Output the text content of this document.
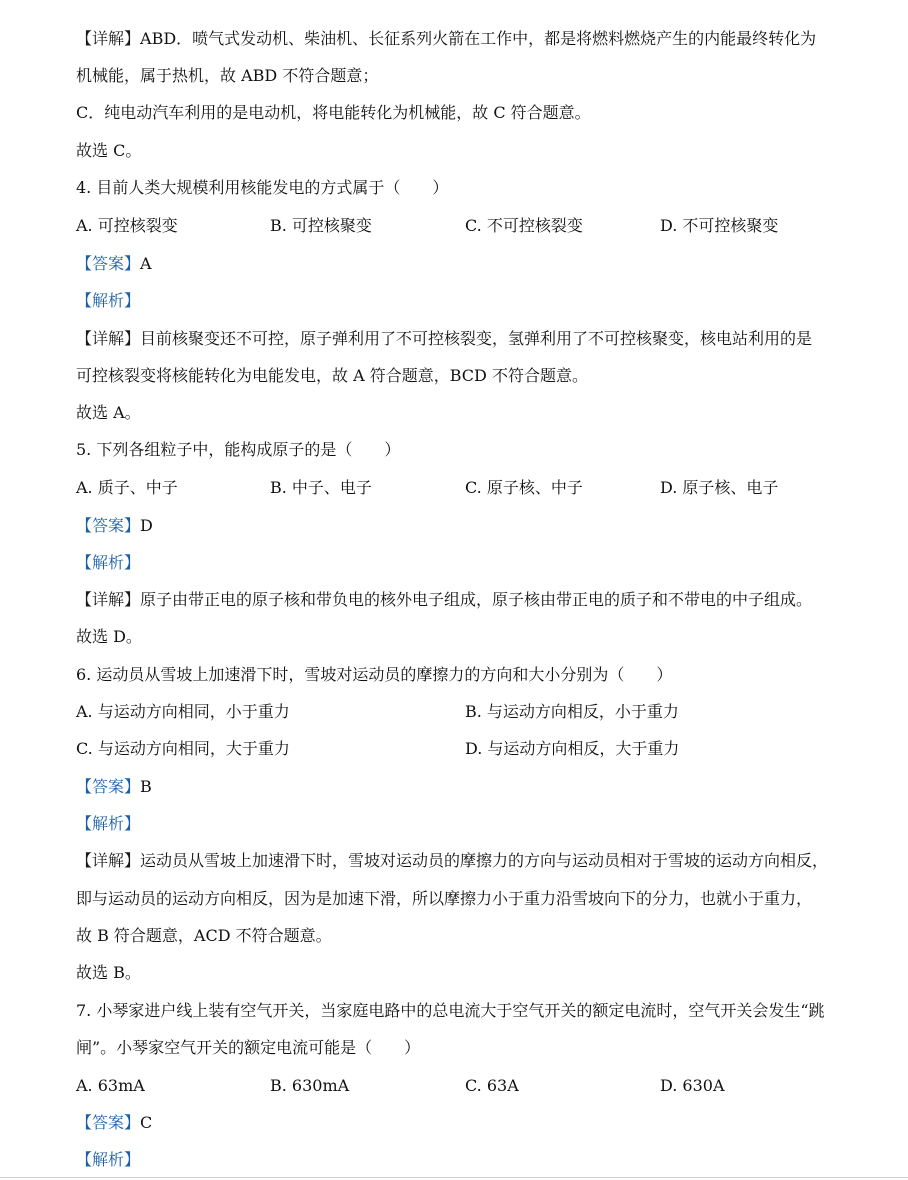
【详解】ABD．喷气式发动机、柴油机、长征系列火箭在工作中，都是将燃料燃烧产生的内能最终转化为
机械能，属于热机，故 ABD 不符合题意；
C．纯电动汽车利用的是电动机，将电能转化为机械能，故 C 符合题意。
故选 C。
4. 目前人类大规模利用核能发电的方式属于（　　）
A. 可控核裂变	B. 可控核聚变	C. 不可控核裂变	D. 不可控核聚变
【答案】A
【解析】
【详解】目前核聚变还不可控，原子弹利用了不可控核裂变，氢弹利用了不可控核聚变，核电站利用的是
可控核裂变将核能转化为电能发电，故 A 符合题意，BCD 不符合题意。
故选 A。
5. 下列各组粒子中，能构成原子的是（　　）
A. 质子、中子	B. 中子、电子	C. 原子核、中子	D. 原子核、电子
【答案】D
【解析】
【详解】原子由带正电的原子核和带负电的核外电子组成，原子核由带正电的质子和不带电的中子组成。
故选 D。
6. 运动员从雪坡上加速滑下时，雪坡对运动员的摩擦力的方向和大小分别为（　　）
A. 与运动方向相同，小于重力	B. 与运动方向相反，小于重力
C. 与运动方向相同，大于重力	D. 与运动方向相反，大于重力
【答案】B
【解析】
【详解】运动员从雪坡上加速滑下时，雪坡对运动员的摩擦力的方向与运动员相对于雪坡的运动方向相反，
即与运动员的运动方向相反，因为是加速下滑，所以摩擦力小于重力沿雪坡向下的分力，也就小于重力，
故 B 符合题意，ACD 不符合题意。
故选 B。
7. 小琴家进户线上装有空气开关，当家庭电路中的总电流大于空气开关的额定电流时，空气开关会发生“跳
闸”。小琴家空气开关的额定电流可能是（　　）
A. 63mA	B. 630mA	C. 63A	D. 630A
【答案】C
【解析】
